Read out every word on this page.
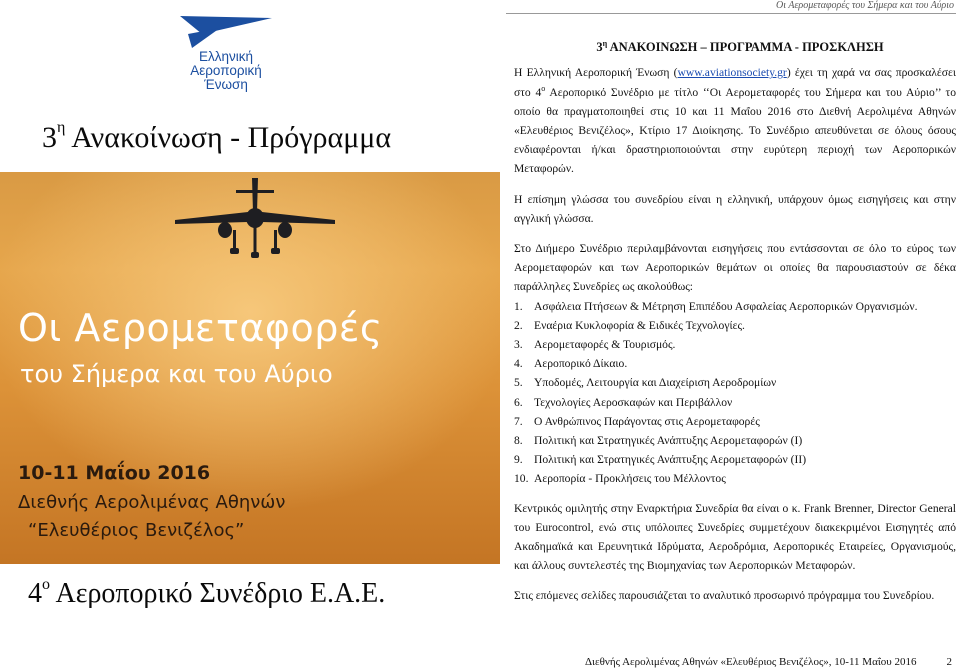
Οι Αερομεταφορές του Σήμερα και του Αύριο
Ελληνική
Αεροπορική
Ένωση
$3^\eta$ Ανακοίνωση - Πρόγραμμα
Οι Αερομεταφορές
του Σήμερα και του Αύριο
10-11 Μαΐου 2016
Διεθνής Αερολιμένας Αθηνών
“Ελευθέριος Βενιζέλος”
$4^o$ Αεροπορικό Συνέδριο Ε.Α.Ε.
$3^\eta$ ΑΝΑΚΟΙΝΩΣΗ – ΠΡΟΓΡΑΜΜΑ - ΠΡΟΣΚΛΗΣΗ

Η Ελληνική Αεροπορική Ένωση (www.aviationsociety.gr) έχει τη χαρά να σας προσκαλέσει στο $4^o$ Αεροπορικό Συνέδριο με τίτλο ‘‘Οι Αερομεταφορές του Σήμερα και του Αύριο’’ το οποίο θα πραγματοποιηθεί στις 10 και 11 Μαΐου 2016 στο Διεθνή Αερολιμένα Αθηνών «Ελευθέριος Βενιζέλος», Κτίριο 17 Διοίκησης. Το Συνέδριο απευθύνεται σε όλους όσους ενδιαφέρονται ή/και δραστηριοποιούνται στην ευρύτερη περιοχή των Αεροπορικών Μεταφορών.

Η επίσημη γλώσσα του συνεδρίου είναι η ελληνική, υπάρχουν όμως εισηγήσεις και στην αγγλική γλώσσα.

Στο Διήμερο Συνέδριο περιλαμβάνονται εισηγήσεις που εντάσσονται σε όλο το εύρος των Αερομεταφορών και των Αεροπορικών θεμάτων οι οποίες θα παρουσιαστούν σε δέκα παράλληλες Συνεδρίες ως ακολούθως:

1. Ασφάλεια Πτήσεων & Μέτρηση Επιπέδου Ασφαλείας Αεροπορικών Οργανισμών.
2. Εναέρια Κυκλοφορία & Ειδικές Τεχνολογίες.
3. Αερομεταφορές & Τουρισμός.
4. Αεροπορικό Δίκαιο.
5. Υποδομές, Λειτουργία και Διαχείριση Αεροδρομίων
6. Τεχνολογίες Αεροσκαφών και Περιβάλλον
7. Ο Ανθρώπινος Παράγοντας στις Αερομεταφορές
8. Πολιτική και Στρατηγικές Ανάπτυξης Αερομεταφορών (Ι)
9. Πολιτική και Στρατηγικές Ανάπτυξης Αερομεταφορών (ΙΙ)
10. Αεροπορία - Προκλήσεις του Μέλλοντος

Κεντρικός ομιλητής στην Εναρκτήρια Συνεδρία θα είναι ο κ. Frank Brenner, Director General του Eurocontrol, ενώ στις υπόλοιπες Συνεδρίες συμμετέχουν διακεκριμένοι Εισηγητές από Ακαδημαϊκά και Ερευνητικά Ιδρύματα, Αεροδρόμια, Αεροπορικές Εταιρείες, Οργανισμούς, και άλλους συντελεστές της Βιομηχανίας των Αεροπορικών Μεταφορών.

Στις επόμενες σελίδες παρουσιάζεται το αναλυτικό προσωρινό πρόγραμμα του Συνεδρίου.

Διεθνής Αερολιμένας Αθηνών «Ελευθέριος Βενιζέλος», 10-11 Μαΐου 2016	2
